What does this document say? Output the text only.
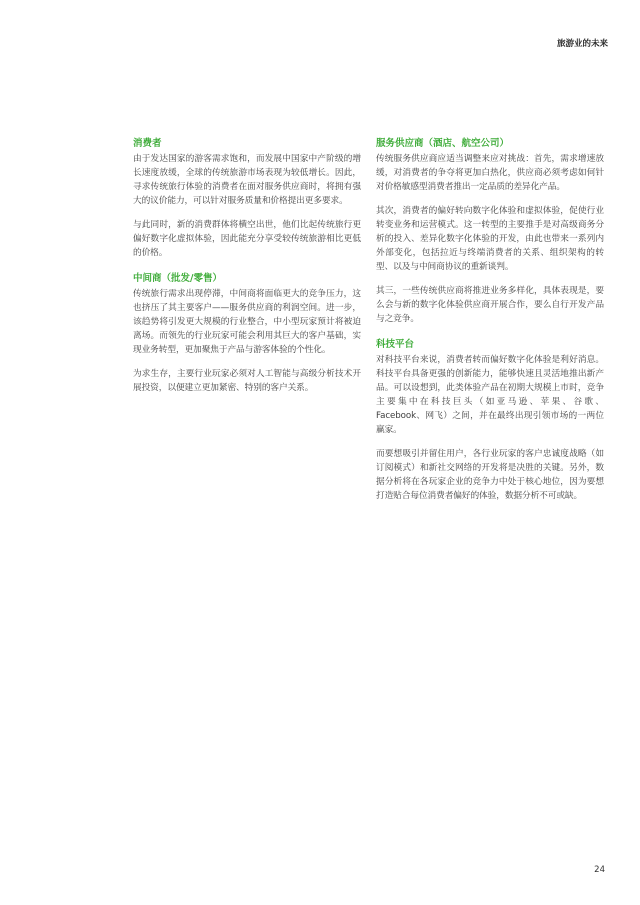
旅游业的未来
消费者

由于发达国家的游客需求饱和，而发展中国家中产阶级的增长速度放缓，全球的传统旅游市场表现为较低增长。因此，寻求传统旅行体验的消费者在面对服务供应商时，将拥有强大的议价能力，可以针对服务质量和价格提出更多要求。

与此同时，新的消费群体将横空出世，他们比起传统旅行更偏好数字化虚拟体验，因此能充分享受较传统旅游相比更低的价格。

中间商（批发/零售）

传统旅行需求出现停滞，中间商将面临更大的竞争压力，这也挤压了其主要客户——服务供应商的利润空间。进一步，该趋势将引发更大规模的行业整合，中小型玩家预计将被迫离场。而领先的行业玩家可能会利用其巨大的客户基础，实现业务转型，更加聚焦于产品与游客体验的个性化。

为求生存，主要行业玩家必须对人工智能与高级分析技术开展投资，以便建立更加紧密、特别的客户关系。

服务供应商（酒店、航空公司）

传统服务供应商应适当调整来应对挑战：首先，需求增速放缓，对消费者的争夺将更加白热化，供应商必须考虑如何针对价格敏感型消费者推出一定品质的差异化产品。

其次，消费者的偏好转向数字化体验和虚拟体验，促使行业转变业务和运营模式。这一转型的主要推手是对高级商务分析的投入、差异化数字化体验的开发，由此也带来一系列内外部变化，包括拉近与终端消费者的关系、组织架构的转型、以及与中间商协议的重新谈判。

其三，一些传统供应商将推进业务多样化，具体表现是，要么会与新的数字化体验供应商开展合作，要么自行开发产品与之竞争。

科技平台

对科技平台来说，消费者转而偏好数字化体验是利好消息。科技平台具备更强的创新能力，能够快速且灵活地推出新产品。可以设想到，此类体验产品在初期大规模上市时，竞争主要集中在科技巨头（如亚马逊、苹果、谷歌、Facebook、网飞）之间，并在最终出现引领市场的一两位赢家。

而要想吸引并留住用户，各行业玩家的客户忠诚度战略（如订阅模式）和新社交网络的开发将是决胜的关键。另外，数据分析将在各玩家企业的竞争力中处于核心地位，因为要想打造贴合每位消费者偏好的体验，数据分析不可或缺。

24
